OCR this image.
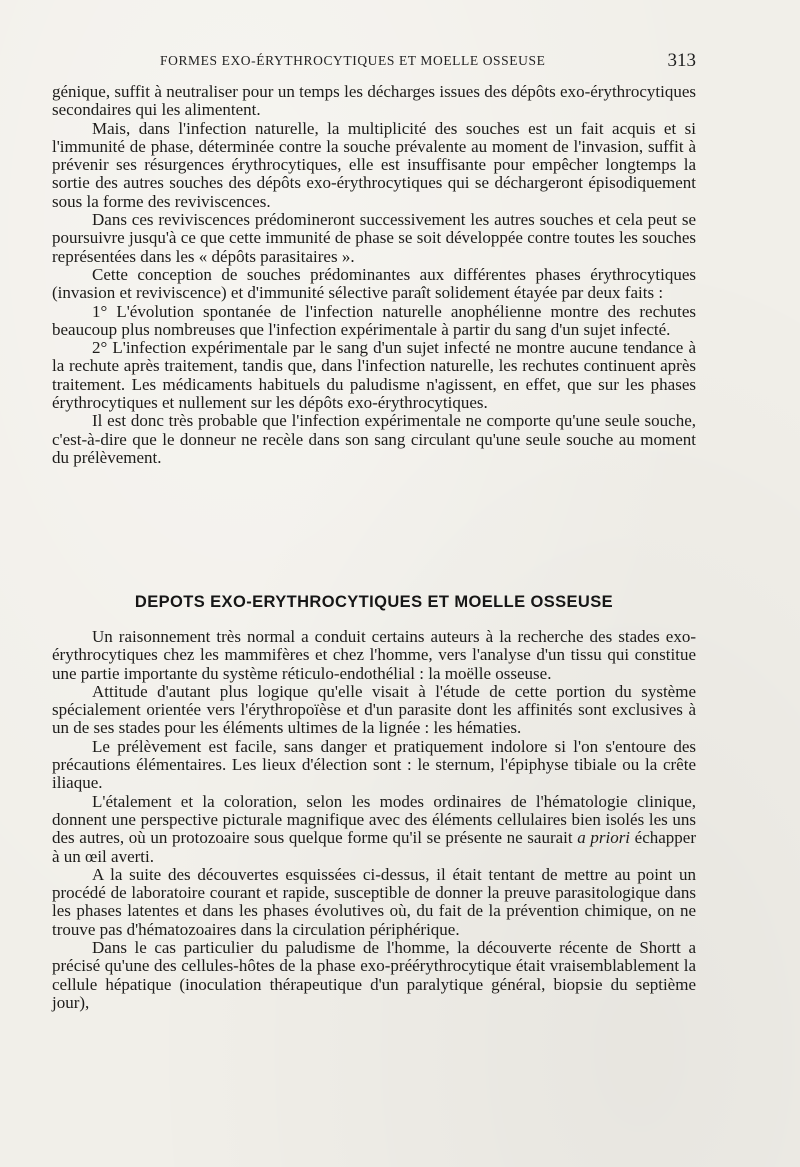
FORMES EXO-ÉRYTHROCYTIQUES ET MOELLE OSSEUSE	313

génique, suffit à neutraliser pour un temps les décharges issues des dépôts exo-érythrocytiques secondaires qui les alimentent.

Mais, dans l'infection naturelle, la multiplicité des souches est un fait acquis et si l'immunité de phase, déterminée contre la souche prévalente au moment de l'invasion, suffit à prévenir ses résurgences érythrocytiques, elle est insuffisante pour empêcher longtemps la sortie des autres souches des dépôts exo-érythrocytiques qui se déchargeront épisodiquement sous la forme des reviviscences.

Dans ces reviviscences prédomineront successivement les autres souches et cela peut se poursuivre jusqu'à ce que cette immunité de phase se soit développée contre toutes les souches représentées dans les « dépôts parasitaires ».

Cette conception de souches prédominantes aux différentes phases érythrocytiques (invasion et reviviscence) et d'immunité sélective paraît solidement étayée par deux faits :

1° L'évolution spontanée de l'infection naturelle anophélienne montre des rechutes beaucoup plus nombreuses que l'infection expérimentale à partir du sang d'un sujet infecté.

2° L'infection expérimentale par le sang d'un sujet infecté ne montre aucune tendance à la rechute après traitement, tandis que, dans l'infection naturelle, les rechutes continuent après traitement. Les médicaments habituels du paludisme n'agissent, en effet, que sur les phases érythrocytiques et nullement sur les dépôts exo-érythrocytiques.

Il est donc très probable que l'infection expérimentale ne comporte qu'une seule souche, c'est-à-dire que le donneur ne recèle dans son sang circulant qu'une seule souche au moment du prélèvement.

DEPOTS EXO-ERYTHROCYTIQUES ET MOELLE OSSEUSE

Un raisonnement très normal a conduit certains auteurs à la recherche des stades exo-érythrocytiques chez les mammifères et chez l'homme, vers l'analyse d'un tissu qui constitue une partie importante du système réticulo-endothélial : la moëlle osseuse.

Attitude d'autant plus logique qu'elle visait à l'étude de cette portion du système spécialement orientée vers l'érythropoïèse et d'un parasite dont les affinités sont exclusives à un de ses stades pour les éléments ultimes de la lignée : les hématies.

Le prélèvement est facile, sans danger et pratiquement indolore si l'on s'entoure des précautions élémentaires. Les lieux d'élection sont : le sternum, l'épiphyse tibiale ou la crête iliaque.

L'étalement et la coloration, selon les modes ordinaires de l'hématologie clinique, donnent une perspective picturale magnifique avec des éléments cellulaires bien isolés les uns des autres, où un protozoaire sous quelque forme qu'il se présente ne saurait a priori échapper à un œil averti.

A la suite des découvertes esquissées ci-dessus, il était tentant de mettre au point un procédé de laboratoire courant et rapide, susceptible de donner la preuve parasitologique dans les phases latentes et dans les phases évolutives où, du fait de la prévention chimique, on ne trouve pas d'hématozoaires dans la circulation périphérique.

Dans le cas particulier du paludisme de l'homme, la découverte récente de Shortt a précisé qu'une des cellules-hôtes de la phase exo-préérythrocytique était vraisemblablement la cellule hépatique (inoculation thérapeutique d'un paralytique général, biopsie du septième jour),
